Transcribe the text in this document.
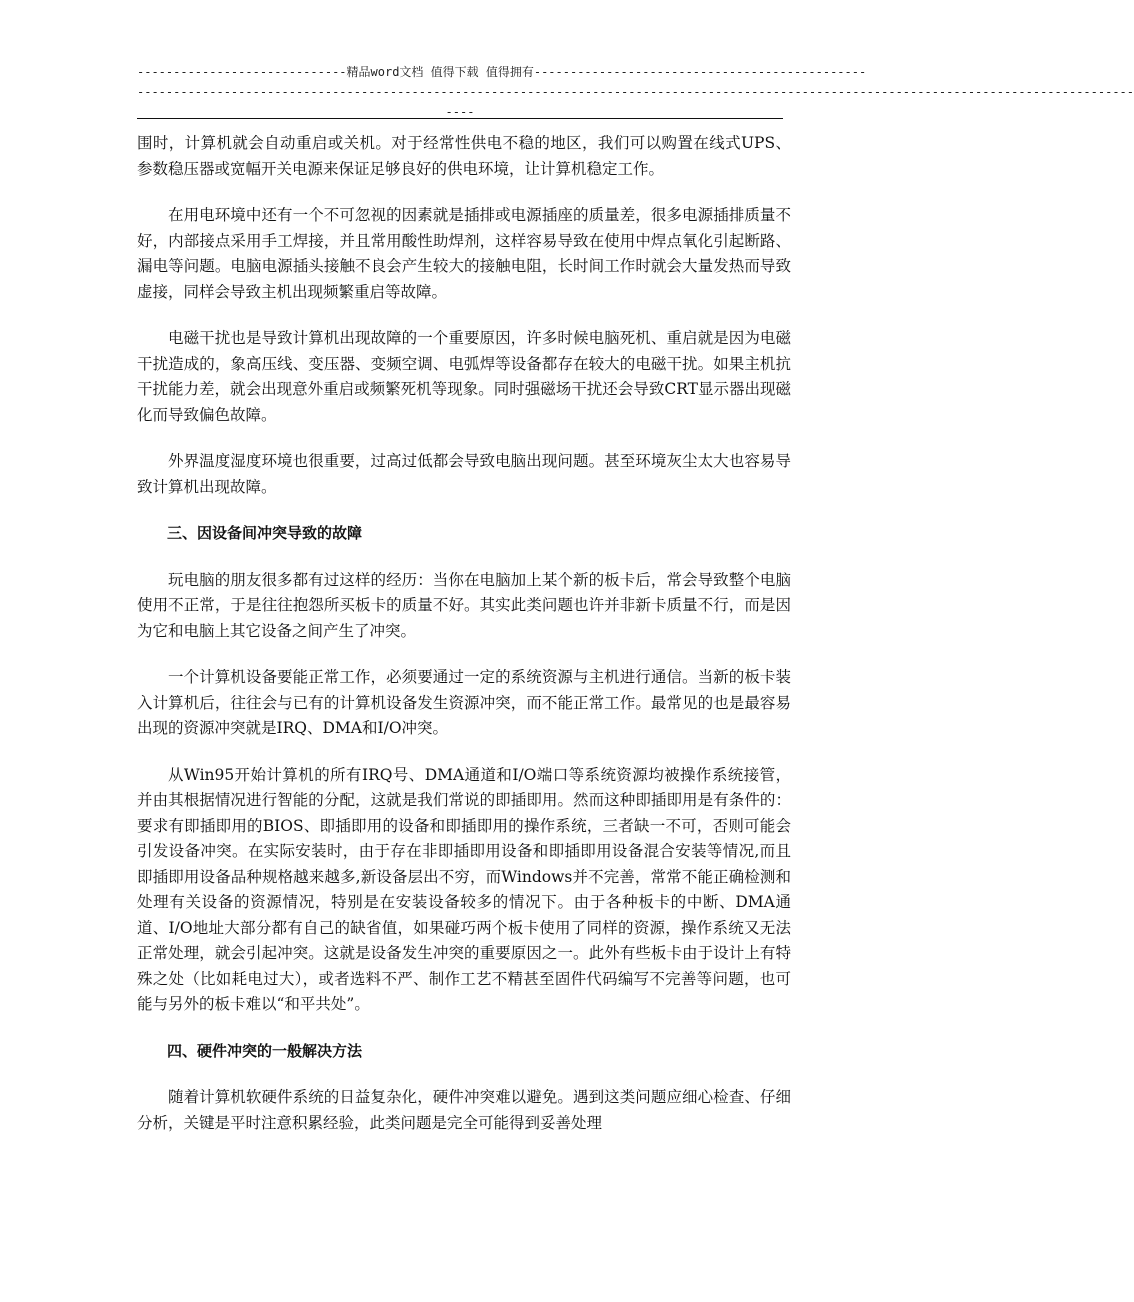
-----------------------------精品word文档 值得下载 值得拥有----------------------------------------------
------------------------------------------------------------------------------------------------------------------------------------------
----

围时，计算机就会自动重启或关机。对于经常性供电不稳的地区，我们可以购置在线式UPS、参数稳压器或宽幅开关电源来保证足够良好的供电环境，让计算机稳定工作。

在用电环境中还有一个不可忽视的因素就是插排或电源插座的质量差，很多电源插排质量不好，内部接点采用手工焊接，并且常用酸性助焊剂，这样容易导致在使用中焊点氧化引起断路、漏电等问题。电脑电源插头接触不良会产生较大的接触电阻，长时间工作时就会大量发热而导致虚接，同样会导致主机出现频繁重启等故障。

电磁干扰也是导致计算机出现故障的一个重要原因，许多时候电脑死机、重启就是因为电磁干扰造成的，象高压线、变压器、变频空调、电弧焊等设备都存在较大的电磁干扰。如果主机抗干扰能力差，就会出现意外重启或频繁死机等现象。同时强磁场干扰还会导致CRT显示器出现磁化而导致偏色故障。

外界温度湿度环境也很重要，过高过低都会导致电脑出现问题。甚至环境灰尘太大也容易导致计算机出现故障。

三、因设备间冲突导致的故障

玩电脑的朋友很多都有过这样的经历：当你在电脑加上某个新的板卡后，常会导致整个电脑使用不正常，于是往往抱怨所买板卡的质量不好。其实此类问题也许并非新卡质量不行，而是因为它和电脑上其它设备之间产生了冲突。

一个计算机设备要能正常工作，必须要通过一定的系统资源与主机进行通信。当新的板卡装入计算机后，往往会与已有的计算机设备发生资源冲突，而不能正常工作。最常见的也是最容易出现的资源冲突就是IRQ、DMA和I/O冲突。

从Win95开始计算机的所有IRQ号、DMA通道和I/O端口等系统资源均被操作系统接管，并由其根据情况进行智能的分配，这就是我们常说的即插即用。然而这种即插即用是有条件的：要求有即插即用的BIOS、即插即用的设备和即插即用的操作系统，三者缺一不可，否则可能会引发设备冲突。在实际安装时，由于存在非即插即用设备和即插即用设备混合安装等情况,而且即插即用设备品种规格越来越多,新设备层出不穷，而Windows并不完善，常常不能正确检测和处理有关设备的资源情况，特别是在安装设备较多的情况下。由于各种板卡的中断、DMA通道、I/O地址大部分都有自己的缺省值，如果碰巧两个板卡使用了同样的资源，操作系统又无法正常处理，就会引起冲突。这就是设备发生冲突的重要原因之一。此外有些板卡由于设计上有特殊之处（比如耗电过大），或者选料不严、制作工艺不精甚至固件代码编写不完善等问题，也可能与另外的板卡难以“和平共处”。

四、硬件冲突的一般解决方法

随着计算机软硬件系统的日益复杂化，硬件冲突难以避免。遇到这类问题应细心检查、仔细分析，关键是平时注意积累经验，此类问题是完全可能得到妥善处理
